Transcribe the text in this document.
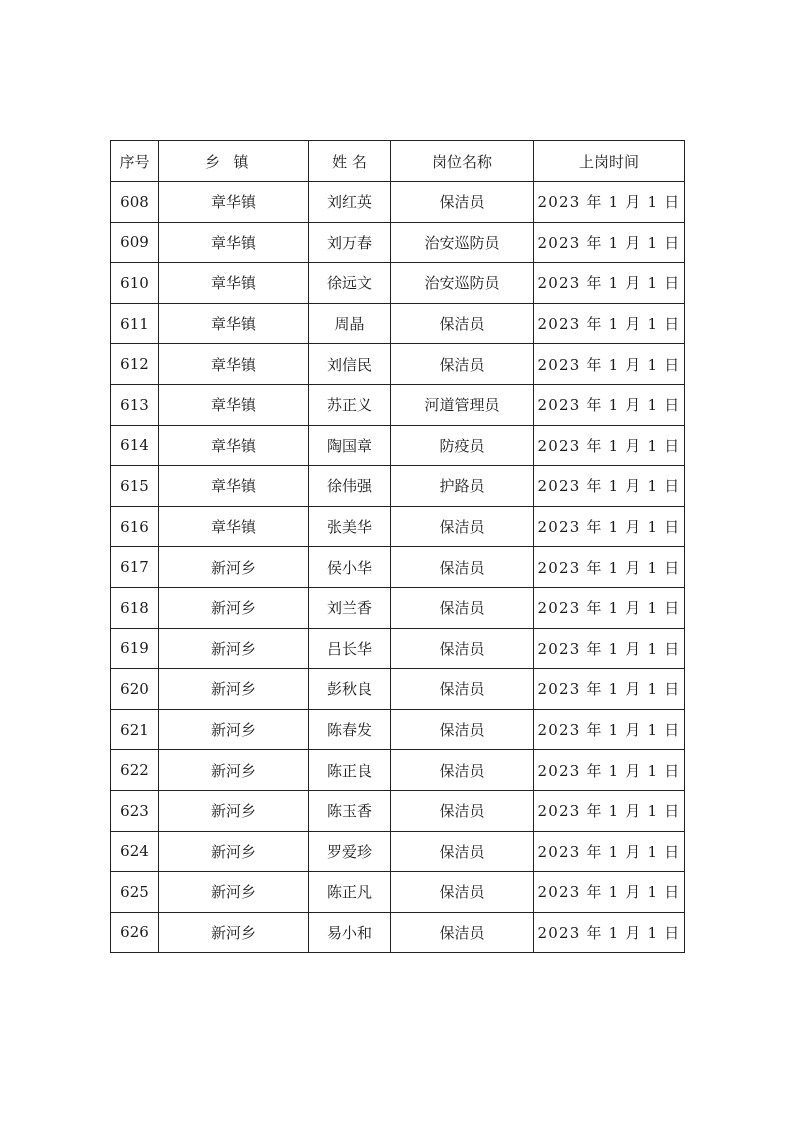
序号	乡镇	姓 名	岗位名称	上岗时间
608	章华镇	刘红英	保洁员	2023 年 1 月 1 日
609	章华镇	刘万春	治安巡防员	2023 年 1 月 1 日
610	章华镇	徐远文	治安巡防员	2023 年 1 月 1 日
611	章华镇	周晶	保洁员	2023 年 1 月 1 日
612	章华镇	刘信民	保洁员	2023 年 1 月 1 日
613	章华镇	苏正义	河道管理员	2023 年 1 月 1 日
614	章华镇	陶国章	防疫员	2023 年 1 月 1 日
615	章华镇	徐伟强	护路员	2023 年 1 月 1 日
616	章华镇	张美华	保洁员	2023 年 1 月 1 日
617	新河乡	侯小华	保洁员	2023 年 1 月 1 日
618	新河乡	刘兰香	保洁员	2023 年 1 月 1 日
619	新河乡	吕长华	保洁员	2023 年 1 月 1 日
620	新河乡	彭秋良	保洁员	2023 年 1 月 1 日
621	新河乡	陈春发	保洁员	2023 年 1 月 1 日
622	新河乡	陈正良	保洁员	2023 年 1 月 1 日
623	新河乡	陈玉香	保洁员	2023 年 1 月 1 日
624	新河乡	罗爱珍	保洁员	2023 年 1 月 1 日
625	新河乡	陈正凡	保洁员	2023 年 1 月 1 日
626	新河乡	易小和	保洁员	2023 年 1 月 1 日
